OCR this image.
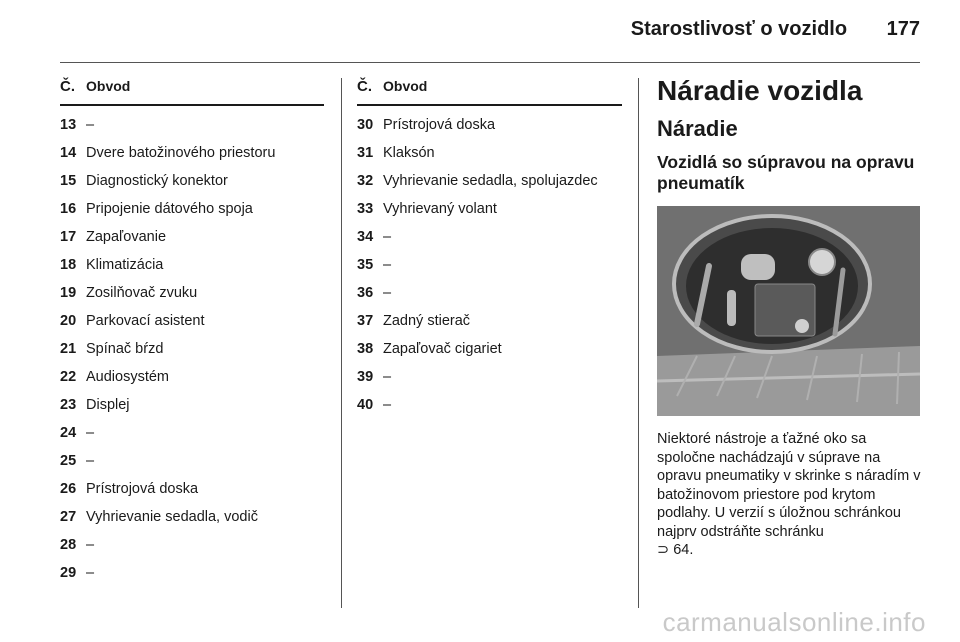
Starostlivosť o vozidlo 177
Č. Obvod
13 –
14 Dvere batožinového priestoru
15 Diagnostický konektor
16 Pripojenie dátového spoja
17 Zapaľovanie
18 Klimatizácia
19 Zosilňovač zvuku
20 Parkovací asistent
21 Spínač bŕzd
22 Audiosystém
23 Displej
24 –
25 –
26 Prístrojová doska
27 Vyhrievanie sedadla, vodič
28 –
29 –
Č. Obvod
30 Prístrojová doska
31 Klaksón
32 Vyhrievanie sedadla, spolujazdec
33 Vyhrievaný volant
34 –
35 –
36 –
37 Zadný stierač
38 Zapaľovač cigariet
39 –
40 –
Náradie vozidla
Náradie
Vozidlá so súpravou na opravu pneumatík
Niektoré nástroje a ťažné oko sa spoločne nachádzajú v súprave na opravu pneumatiky v skrinke s náradím v batožinovom priestore pod krytom podlahy. U verzií s úložnou schránkou najprv odstráňte schránku
⊃ 64.
carmanualsonline.info
